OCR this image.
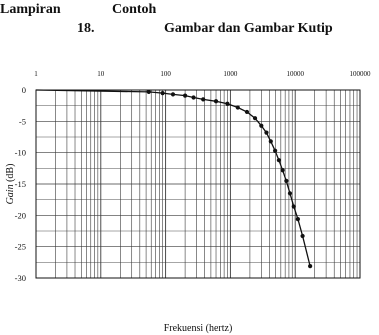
Lampiran	Contoh
18.	Gambar dan Gambar Kutip
1	10	100	1000	10000	100000
0
-5
-10
-15
-20
-25
-30
Frekuensi (hertz)
Gain (dB)
